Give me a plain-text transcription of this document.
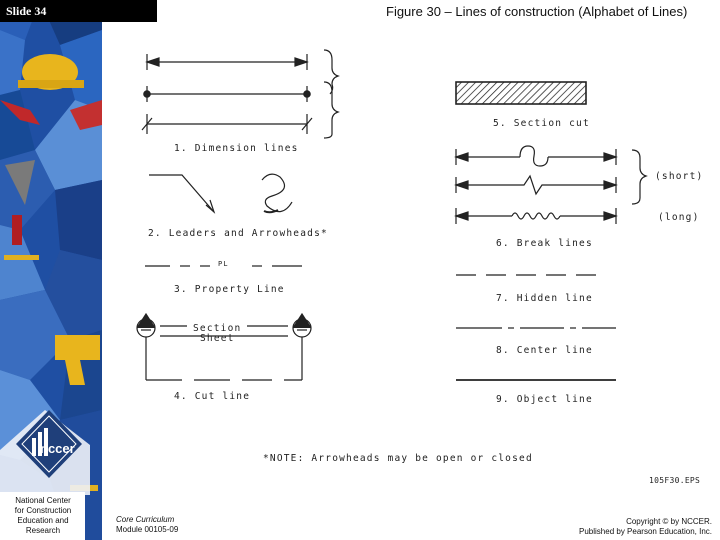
nccer
National Center
for Construction
Education and
Research
Slide 34	Figure 30 – Lines of construction (Alphabet of Lines)
1. Dimension lines
2. Leaders and Arrowheads*
PL
3. Property Line
Section
Sheet
4. Cut line
5. Section cut
(short)
(long)
6. Break lines
7. Hidden line
8. Center line
9. Object line
*NOTE: Arrowheads may be open or closed
105F30.EPS
Core Curriculum
Module 00105-09
Copyright © by NCCER.
Published by Pearson Education, Inc.
